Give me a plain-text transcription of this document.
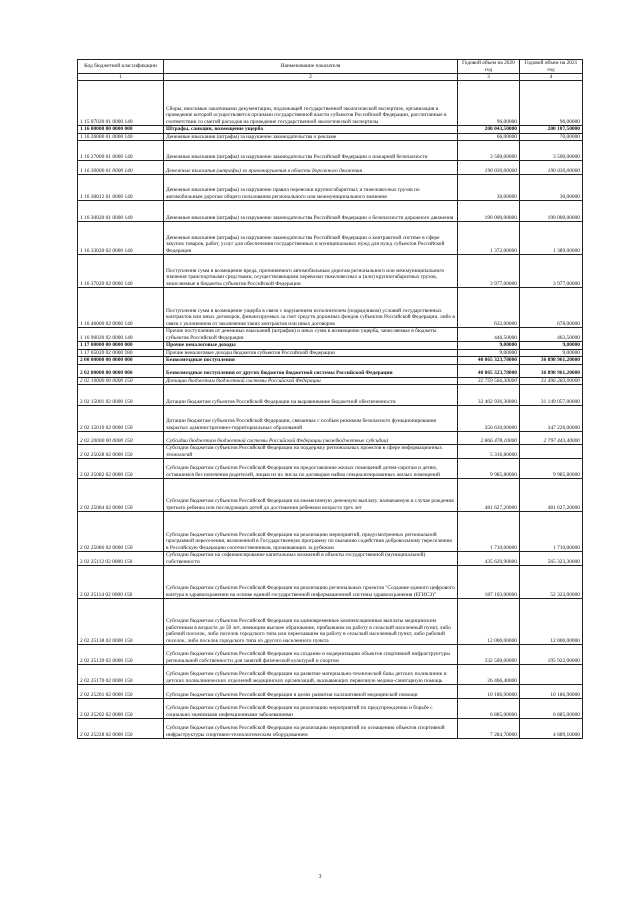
Код бюджетной классификации	Наименование показателя	Годовой объем на 2020 год	Годовой объем на 2021 год
1	2	3	4
1 15 07020 01 0000 140	Сборы, вносимые заказчиками документации, подлежащей государственной экологической экспертизе, организация и проведение которой осуществляется органами государственной власти субъектов Российской Федерации, рассчитанные в соответствии со сметой расходов на проведение государственной экологической экспертизы	96,00000	96,00000
1 16 00000 00 0000 000	Штрафы, санкции, возмещение ущерба	200 043,50000	200 107,50000
1 16 26000 01 0000 140	Денежные взыскания (штрафы) за нарушение законодательства о рекламе	66,00000	70,00000
1 16 27000 01 0000 140	Денежные взыскания (штрафы) за нарушение законодательства Российской Федерации о пожарной безопасности	3 500,00000	3 500,00000
1 16 30000 01 0000 140	Денежные взыскания (штрафы) за правонарушения в области дорожного движения	190 030,00000	190 030,00000
1 16 30012 01 0000 140	Денежные взыскания (штрафы) за нарушение правил перевозки крупногабаритных и тяжеловесных грузов по автомобильным дорогам общего пользования регионального или межмуниципального значения	30,00000	30,00000
1 16 30020 01 0000 140	Денежные взыскания (штрафы) за нарушение законодательства Российской Федерации о безопасности дорожного движения	190 000,00000	190 000,00000
1 16 33020 02 0000 140	Денежные взыскания (штрафы) за нарушение законодательства Российской Федерации о контрактной системе в сфере закупок товаров, работ, услуг для обеспечения государственных и муниципальных нужд для нужд субъектов Российской Федерации	1 372,00000	1 389,00000
1 16 37020 02 0000 140	Поступления сумм в возмещение вреда, причиняемого автомобильным дорогам регионального или межмуниципального значения транспортными средствами, осуществляющими перевозки тяжеловесных и (или) крупногабаритных грузов, зачисляемые в бюджеты субъектов Российской Федерации	3 977,00000	3 977,00000
1 16 46000 02 0000 140	Поступления сумм в возмещение ущерба в связи с нарушением исполнителем (подрядчиком) условий государственных контрактов или иных договоров, финансируемых за счет средств дорожных фондов субъектов Российской Федерации, либо в связи с уклонением от заключения таких контрактов или иных договоров	632,00000	678,00000
1 16 90020 02 0000 140	Прочие поступления от денежных взысканий (штрафов) и иных сумм в возмещение ущерба, зачисляемые в бюджеты субъектов Российской Федерации	446,50000	463,50000
1 17 00000 00 0000 000	Прочие неналоговые доходы	9,00000	9,00000
1 17 05020 02 0000 180	Прочие неналоговые доходы бюджетов субъектов Российской Федерации	9,00000	9,00000
2 00 00000 00 0000 000	Безвозмездные поступления	40 865 323,78000	36 898 961,20000
2 02 00000 00 0000 000	Безвозмездные поступления от других бюджетов бюджетной системы Российской Федерации	40 865 323,78000	36 898 961,20000
2 02 10000 00 0000 150	Дотации бюджетам бюджетной системы Российской Федерации	32 759 566,30000	31 496 283,00000
2 02 15001 02 0000 150	Дотации бюджетам субъектов Российской Федерации на выравнивание бюджетной обеспеченности	32 402 936,30000	31 149 057,00000
2 02 15010 02 0000 150	Дотации бюджетам субъектов Российской Федерации, связанные с особым режимом безопасного функционирования закрытых административно-территориальных образований	356 630,00000	347 226,00000
2 02 20000 00 0000 150	Субсидии бюджетам бюджетной системы Российской Федерации (межбюджетные субсидии)	2 866 478,10000	2 797 443,40000
2 02 25028 02 0000 150	Субсидии бюджетам субъектов Российской Федерации на поддержку региональных проектов в сфере информационных технологий	5 316,80000	
2 02 25082 02 0000 150	Субсидии бюджетам субъектов Российской Федерации на предоставление жилых помещений детям-сиротам и детям, оставшимся без попечения родителей, лицам из их числа по договорам найма специализированных жилых помещений	9 985,80000	9 985,80000
2 02 25084 02 0000 150	Субсидии бюджетам субъектов Российской Федерации на ежемесячную денежную выплату, назначаемую в случае рождения третьего ребенка или последующих детей до достижения ребенком возраста трех лет	481 627,20000	481 627,20000
2 02 25086 02 0000 150	Субсидии бюджетам субъектов Российской Федерации на реализацию мероприятий, предусмотренных региональной программой переселения, включенной в Государственную программу по оказанию содействия добровольному переселению в Российскую Федерацию соотечественников, проживающих за рубежом	1 710,00000	1 710,00000
2 02 25112 02 0000 150	Субсидии бюджетам на софинансирование капитальных вложений в объекты государственной (муниципальной) собственности	435 620,90000	565 323,30000
2 02 25114 02 0000 150	Субсидии бюджетам субъектов Российской Федерации на реализацию региональных проектов "Создание единого цифрового контура в здравоохранении на основе единой государственной информационной системы здравоохранения (ЕГИСЗ)"	187 103,00000	52 323,00000
2 02 25138 02 0000 150	Субсидии бюджетам субъектов Российской Федерации на единовременные компенсационные выплаты медицинским работникам в возрасте до 50 лет, имеющим высшее образование, прибывшим на работу в сельский населенный пункт, либо рабочий поселок, либо поселок городского типа или переехавшим на работу в сельский населенный пункт, либо рабочий поселок, либо поселок городского типа из другого населенного пункта	12 000,00000	12 000,00000
2 02 25139 02 0000 150	Субсидии бюджетам субъектов Российской Федерации на создание и модернизацию объектов спортивной инфраструктуры региональной собственности для занятий физической культурой и спортом	332 500,00000	195 922,00000
2 02 25170 02 0000 150	Субсидии бюджетам субъектов Российской Федерации на развитие материально-технической базы детских поликлиник и детских поликлинических отделений медицинских организаций, оказывающих первичную медико-санитарную помощь	26 466,40000	
2 02 25201 02 0000 150	Субсидии бюджетам субъектов Российской Федерации в целях развития паллиативной медицинской помощи	10 186,90000	10 186,90000
2 02 25202 02 0000 150	Субсидии бюджетам субъектов Российской Федерации на реализацию мероприятий по предупреждению и борьбе с социально значимыми инфекционными заболеваниями	6 885,00000	6 885,00000
2 02 25228 02 0000 150	Субсидии бюджетам субъектов Российской Федерации на реализацию мероприятий по оснащению объектов спортивной инфраструктуры спортивно-технологическим оборудованием	7 284,70000	4 689,10000
3
